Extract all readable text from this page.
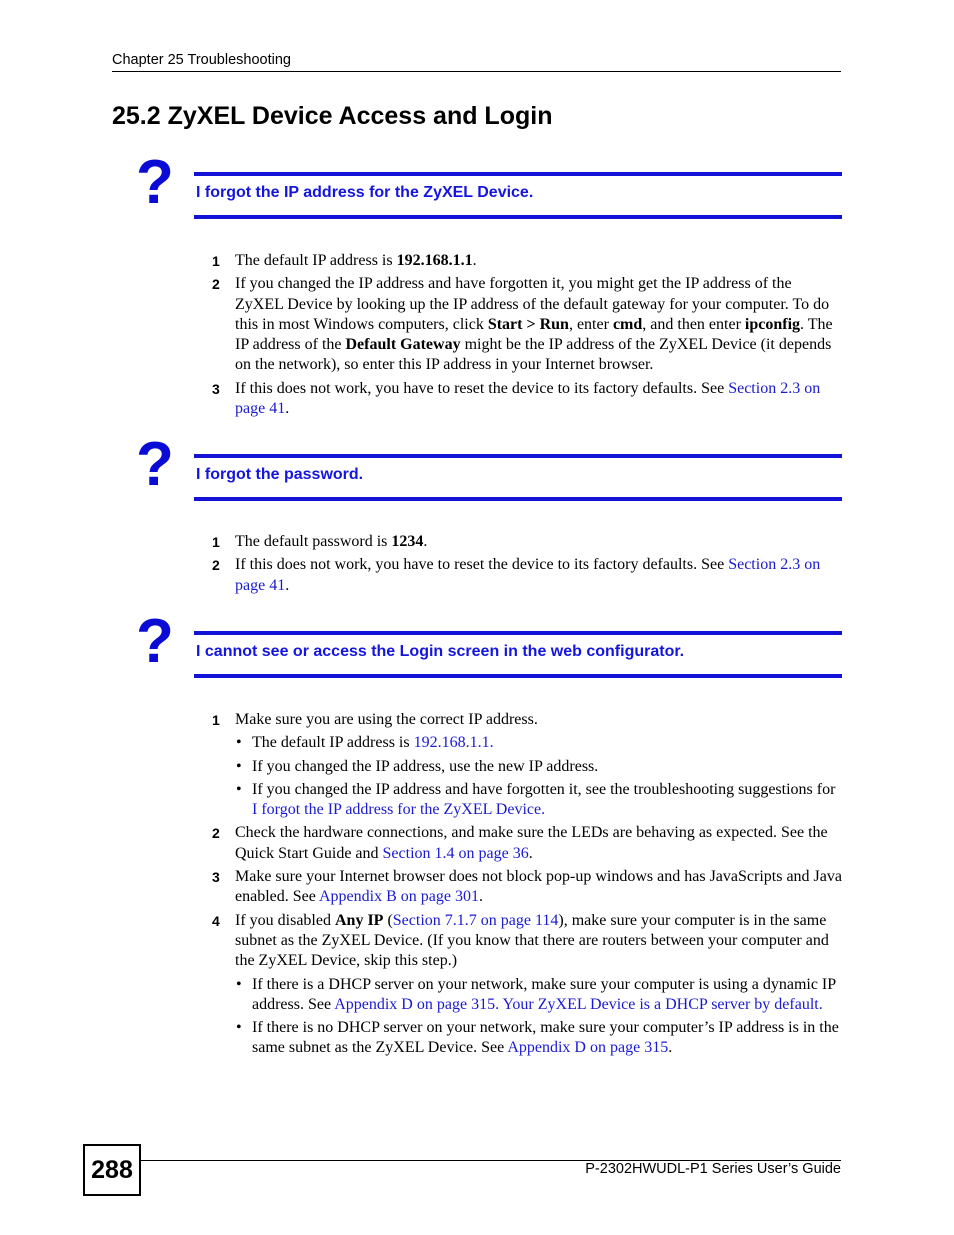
Chapter 25 Troubleshooting
25.2 ZyXEL Device Access and Login
? I forgot the IP address for the ZyXEL Device.
1 The default IP address is 192.168.1.1.
2 If you changed the IP address and have forgotten it, you might get the IP address of the ZyXEL Device by looking up the IP address of the default gateway for your computer. To do this in most Windows computers, click Start > Run, enter cmd, and then enter ipconfig. The IP address of the Default Gateway might be the IP address of the ZyXEL Device (it depends on the network), so enter this IP address in your Internet browser.
3 If this does not work, you have to reset the device to its factory defaults. See Section 2.3 on page 41.
? I forgot the password.
1 The default password is 1234.
2 If this does not work, you have to reset the device to its factory defaults. See Section 2.3 on page 41.
? I cannot see or access the Login screen in the web configurator.
1 Make sure you are using the correct IP address.
• The default IP address is 192.168.1.1.
• If you changed the IP address, use the new IP address.
• If you changed the IP address and have forgotten it, see the troubleshooting suggestions for I forgot the IP address for the ZyXEL Device.
2 Check the hardware connections, and make sure the LEDs are behaving as expected. See the Quick Start Guide and Section 1.4 on page 36.
3 Make sure your Internet browser does not block pop-up windows and has JavaScripts and Java enabled. See Appendix B on page 301.
4 If you disabled Any IP (Section 7.1.7 on page 114), make sure your computer is in the same subnet as the ZyXEL Device. (If you know that there are routers between your computer and the ZyXEL Device, skip this step.)
• If there is a DHCP server on your network, make sure your computer is using a dynamic IP address. See Appendix D on page 315. Your ZyXEL Device is a DHCP server by default.
• If there is no DHCP server on your network, make sure your computer’s IP address is in the same subnet as the ZyXEL Device. See Appendix D on page 315.
288	P-2302HWUDL-P1 Series User’s Guide
